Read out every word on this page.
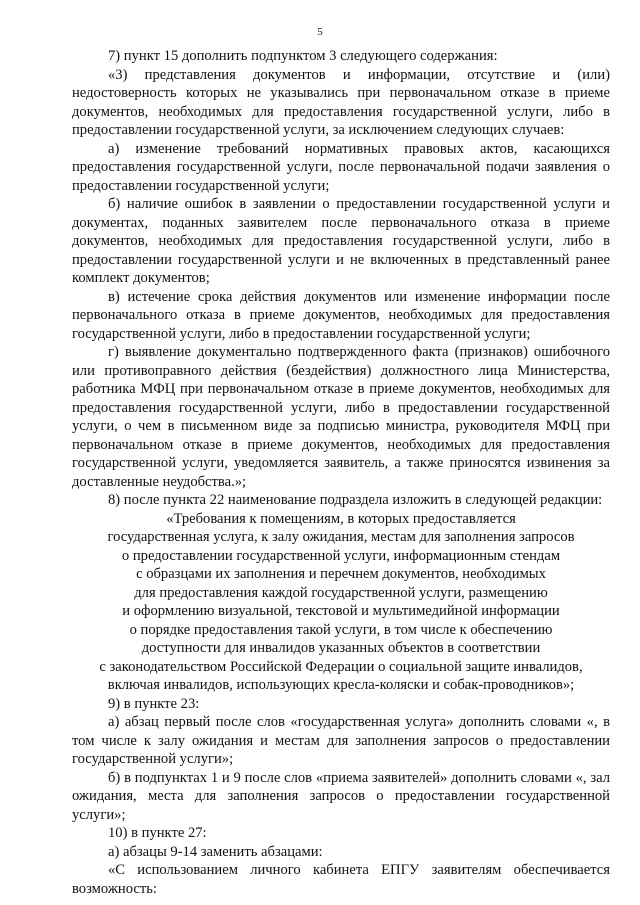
5

7) пункт 15 дополнить подпунктом 3 следующего содержания:

«3) представления документов и информации, отсутствие и (или) недостоверность которых не указывались при первоначальном отказе в приеме документов, необходимых для предоставления государственной услуги, либо в предоставлении государственной услуги, за исключением следующих случаев:

а) изменение требований нормативных правовых актов, касающихся предоставления государственной услуги, после первоначальной подачи заявления о предоставлении государственной услуги;

б) наличие ошибок в заявлении о предоставлении государственной услуги и документах, поданных заявителем после первоначального отказа в приеме документов, необходимых для предоставления государственной услуги, либо в предоставлении государственной услуги и не включенных в представленный ранее комплект документов;

в) истечение срока действия документов или изменение информации после первоначального отказа в приеме документов, необходимых для предоставления государственной услуги, либо в предоставлении государственной услуги;

г) выявление документально подтвержденного факта (признаков) ошибочного или противоправного действия (бездействия) должностного лица Министерства, работника МФЦ при первоначальном отказе в приеме документов, необходимых для предоставления государственной услуги, либо в предоставлении государственной услуги, о чем в письменном виде за подписью министра, руководителя МФЦ при первоначальном отказе в приеме документов, необходимых для предоставления государственной услуги, уведомляется заявитель, а также приносятся извинения за доставленные неудобства.»;

8) после пункта 22 наименование подраздела изложить в следующей редакции:

«Требования к помещениям, в которых предоставляется

государственная услуга, к залу ожидания, местам для заполнения запросов

о предоставлении государственной услуги, информационным стендам

с образцами их заполнения и перечнем документов, необходимых

для предоставления каждой государственной услуги, размещению

и оформлению визуальной, текстовой и мультимедийной информации

о порядке предоставления такой услуги, в том числе к обеспечению

доступности для инвалидов указанных объектов в соответствии

с законодательством Российской Федерации о социальной защите инвалидов,

включая инвалидов, использующих кресла-коляски и собак-проводников»;

9) в пункте 23:

а) абзац первый после слов «государственная услуга» дополнить словами «, в том числе к залу ожидания и местам для заполнения запросов о предоставлении государственной услуги»;

б) в подпунктах 1 и 9 после слов «приема заявителей» дополнить словами «, зал ожидания, места для заполнения запросов о предоставлении государственной услуги»;

10) в пункте 27:

а) абзацы 9-14 заменить абзацами:

«С использованием личного кабинета ЕПГУ заявителям обеспечивается возможность:
